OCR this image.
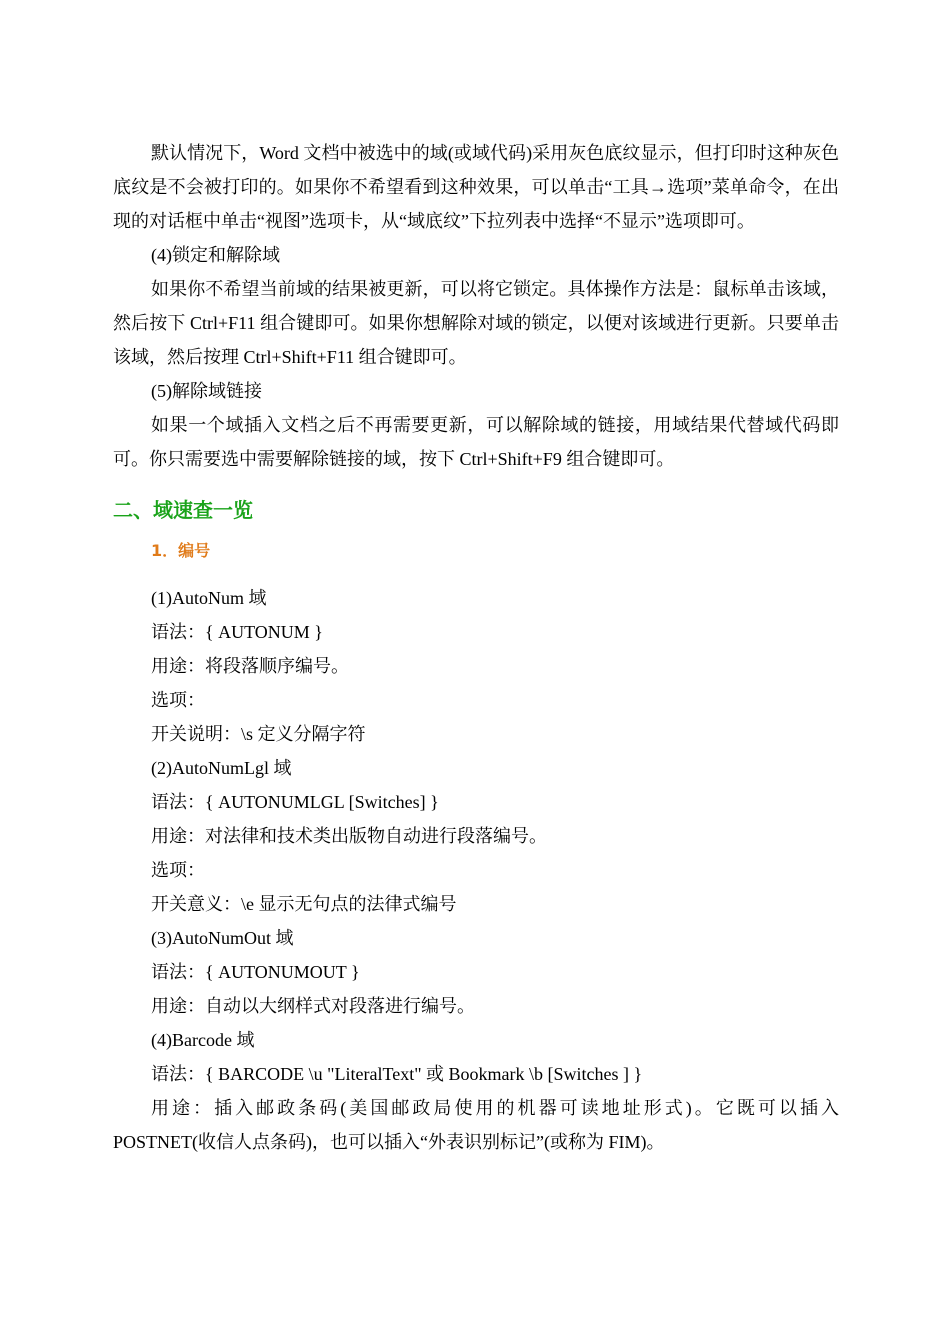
默认情况下，Word 文档中被选中的域(或域代码)采用灰色底纹显示，但打印时这种灰色底纹是不会被打印的。如果你不希望看到这种效果，可以单击“工具→选项”菜单命令，在出现的对话框中单击“视图”选项卡，从“域底纹”下拉列表中选择“不显示”选项即可。

(4)锁定和解除域

如果你不希望当前域的结果被更新，可以将它锁定。具体操作方法是：鼠标单击该域，然后按下 Ctrl+F11 组合键即可。如果你想解除对域的锁定，以便对该域进行更新。只要单击该域，然后按理 Ctrl+Shift+F11 组合键即可。

(5)解除域链接

如果一个域插入文档之后不再需要更新，可以解除域的链接，用域结果代替域代码即可。你只需要选中需要解除链接的域，按下 Ctrl+Shift+F9 组合键即可。

二、域速查一览
1．编号

(1)AutoNum 域

语法：{ AUTONUM }

用途：将段落顺序编号。

选项：

开关说明：\s 定义分隔字符

(2)AutoNumLgl 域

语法：{ AUTONUMLGL [Switches] }

用途：对法律和技术类出版物自动进行段落编号。

选项：

开关意义：\e 显示无句点的法律式编号

(3)AutoNumOut 域

语法：{ AUTONUMOUT }

用途：自动以大纲样式对段落进行编号。

(4)Barcode 域

语法：{ BARCODE \u "LiteralText" 或 Bookmark \b [Switches ] }

用途：插入邮政条码(美国邮政局使用的机器可读地址形式)。它既可以插入POSTNET(收信人点条码)，也可以插入“外表识别标记”(或称为 FIM)。
